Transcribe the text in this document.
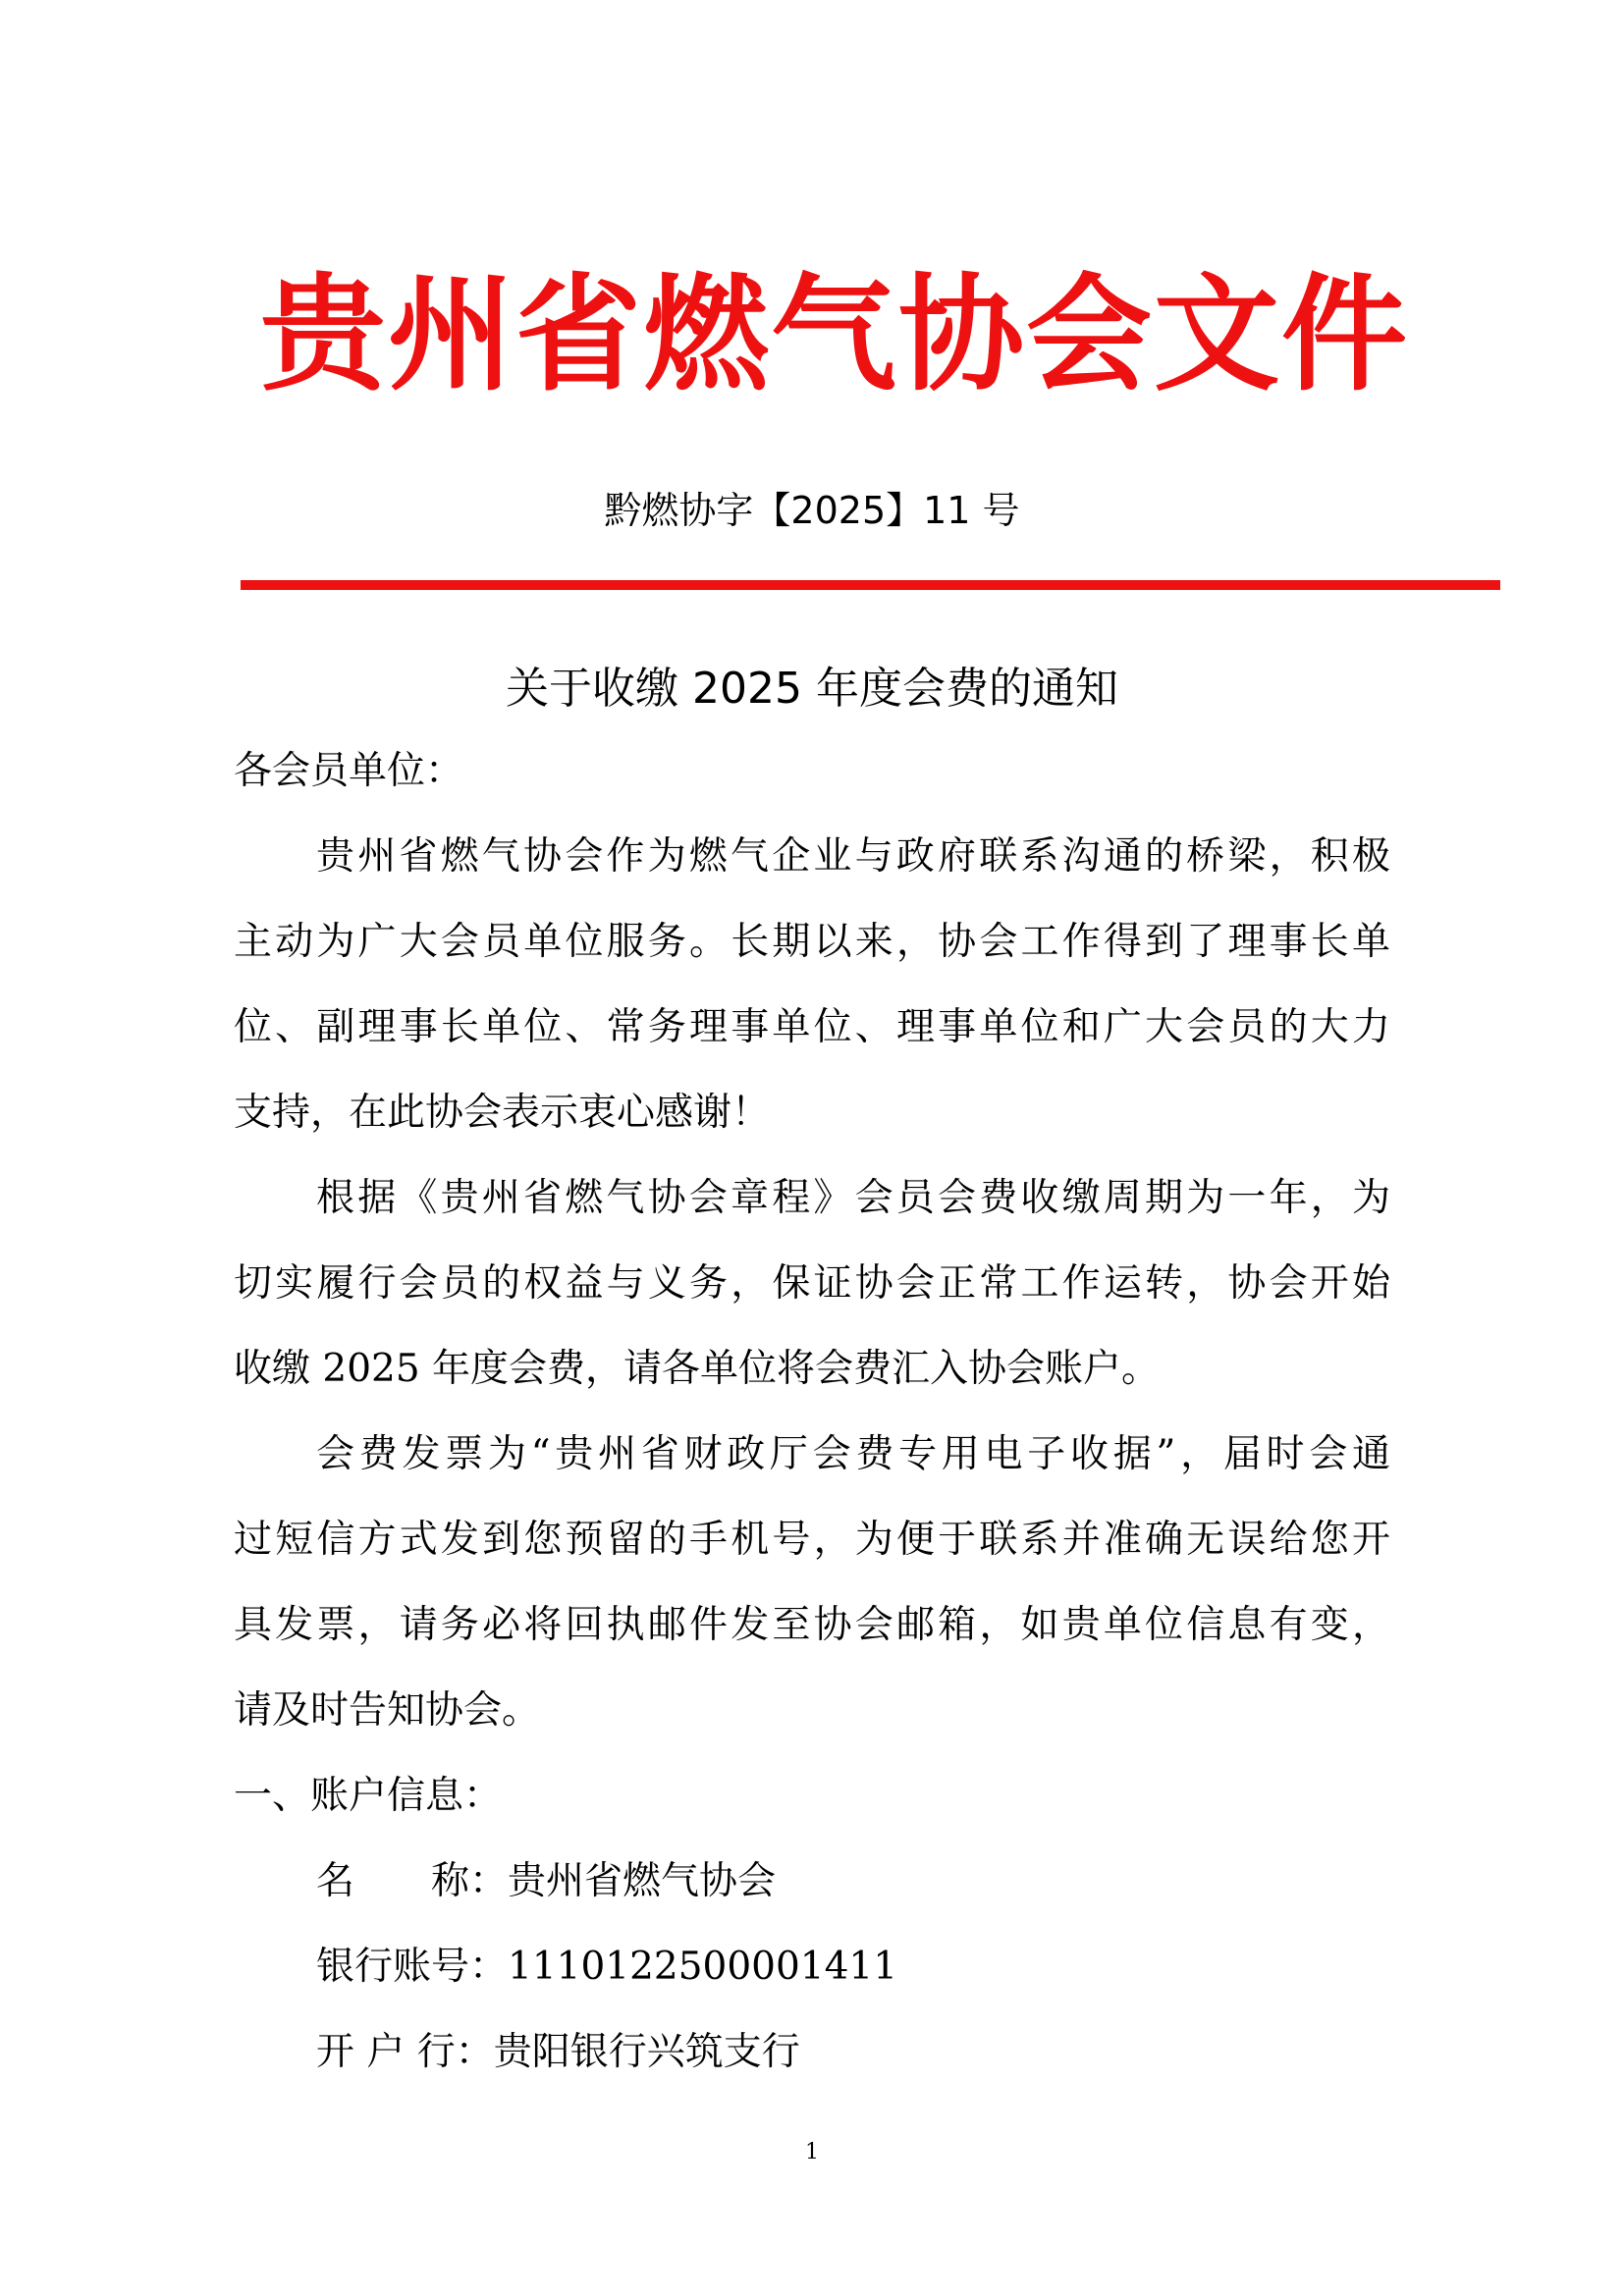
贵州省燃气协会文件
黔燃协字【2025】11 号
关于收缴 2025 年度会费的通知
各会员单位：
贵州省燃气协会作为燃气企业与政府联系沟通的桥梁，积极
主动为广大会员单位服务。长期以来，协会工作得到了理事长单
位、副理事长单位、常务理事单位、理事单位和广大会员的大力
支持，在此协会表示衷心感谢！
根据《贵州省燃气协会章程》会员会费收缴周期为一年，为
切实履行会员的权益与义务，保证协会正常工作运转，协会开始
收缴 2025 年度会费，请各单位将会费汇入协会账户。
会费发票为“贵州省财政厅会费专用电子收据”，届时会通
过短信方式发到您预留的手机号，为便于联系并准确无误给您开
具发票，请务必将回执邮件发至协会邮箱，如贵单位信息有变，
请及时告知协会。
一、账户信息：
名　　称：贵州省燃气协会
银行账号：1110122500001411
开 户 行：贵阳银行兴筑支行
1
